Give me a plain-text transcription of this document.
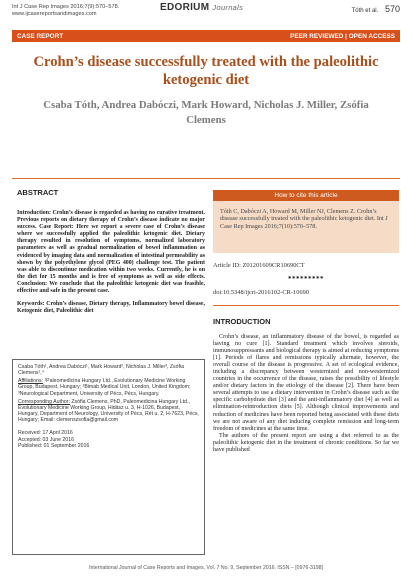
Int J Case Rep Images 2016;7(9):570–578.
www.ijcasereportsandimages.com
EDORIUM Journals	Tóth et al. 570
CASE REPORT	PEER REVIEWED | OPEN ACCESS
Crohn’s disease successfully treated with the paleolithic ketogenic diet
Csaba Tóth, Andrea Dabóczi, Mark Howard, Nicholas J. Miller, Zsófia Clemens
ABSTRACT

Introduction: Crohn’s disease is regarded as having no curative treatment. Previous reports on dietary therapy of Crohn’s disease indicate no major success. Case Report: Here we report a severe case of Crohn’s disease where we successfully applied the paleolithic ketogenic diet. Dietary therapy resulted in resolution of symptoms, normalized laboratory parameters as well as gradual normalization of bowel inflammation as evidenced by imaging data and normalization of intestinal permeability as shown by the polyethylene glycol (PEG 400) challenge test. The patient was able to discontinue medication within two weeks. Currently, he is on the diet for 15 months and is free of symptoms as well as side effects. Conclusion: We conclude that the paleolithic ketogenic diet was feasible, effective and safe in the present case.

Keywords: Crohn’s disease, Dietary therapy, Inflammatory bowel disease, Ketogenic diet, Paleolithic diet

Csaba Tóth¹, Andrea Dabóczi¹, Mark Howard², Nicholas J. Miller³, Zsófia Clemens¹,⁴

Affiliations: ¹Paleomedicina Hungary Ltd., Evolutionary Medicine Working Group, Budapest, Hungary; ²Bimab Medical Unit, London, United Kingdom; ³Neurological Department, University of Pécs, Pécs, Hungary.

Corresponding Author: Zsófia Clemens, PhD, Paleomedicina Hungary Ltd., Evolutionary Medicine Working Group, Hidász u. 3, H-1026, Budapest, Hungary, Department of Neurology, University of Pécs, Rét u. 2, H-7623, Pécs, Hungary; Email: clemenszsofia@gmail.com

Received: 17 April 2016
Accepted: 03 June 2016
Published: 01 September 2016
How to cite this article
Tóth C, Dabóczi A, Howard M, Miller NJ, Clemens Z. Crohn’s disease successfully treated with the paleolithic ketogenic diet. Int J Case Rep Images 2016;7(10):570–578.
Article ID: Z01201609CR10690CT
*********
doi:10.5348/ijcri-2016102-CR-10690
INTRODUCTION

Crohn’s disease, an inflammatory disease of the bowel, is regarded as having no cure [1]. Standard treatment which involves steroids, immunosuppressants and biological therapy is aimed at reducing symptoms [1]. Periods of flares and remissions typically alternate, however, the overall course of the disease is progressive. A set of ecological evidence, including a discrepancy between westernized and non-westernized countries in the occurrence of the disease, raises the possibility of lifestyle and/or dietary factors in the etiology of the disease [2]. There have been several attempts to use a dietary intervention in Crohn’s disease such as the specific carbohydrate diet [3] and the anti-inflammatory diet [4] as well as elimination-reintroduction diets [5]. Although clinical improvements and reduction of medicines have been reported being associated with these diets we are not aware of any diet inducing complete remission and long-term freedom of medicines at the same time.

The authors of the present report are using a diet referred to as the paleolithic ketogenic diet in the treatment of chronic conditions. So far we have published

International Journal of Case Reports and Images, Vol. 7 No. 9, September 2016. ISSN – [0976-3198]
